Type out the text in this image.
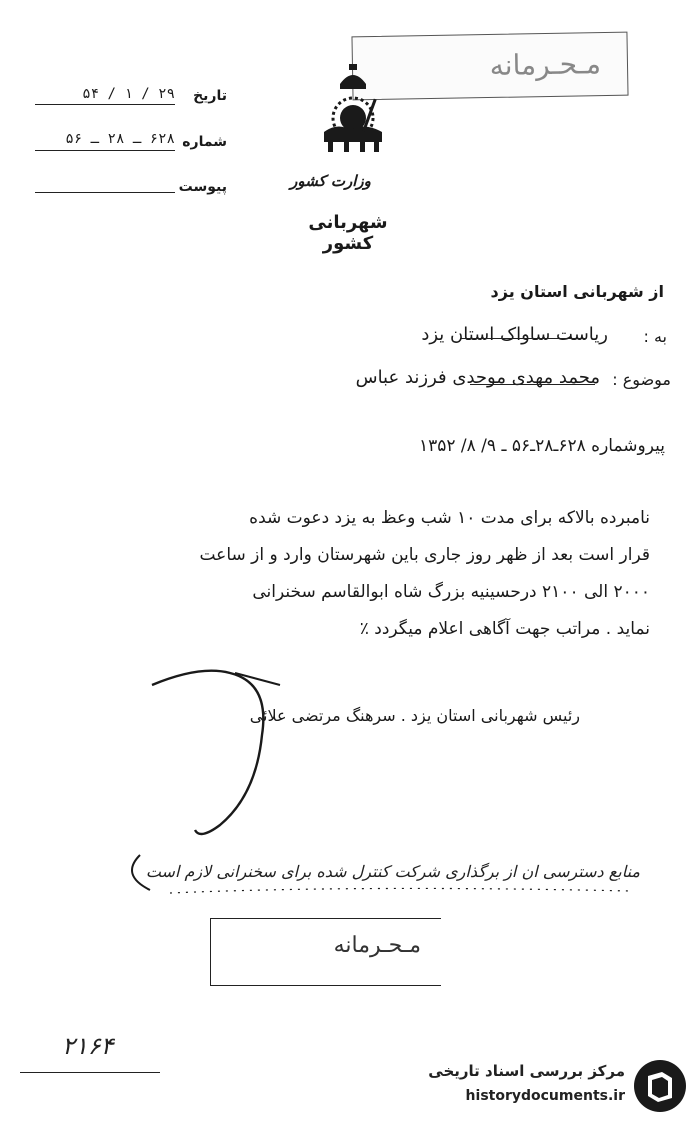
مـحـرمانه
تاریخ
۲۹ / ۱ / ۵۴
شماره
۶۲۸ ـ ۲۸ ـ ۵۶
پیوست	وزارت کشور
شهربانی کشور
از شهربانی استان یزد
به :
ریاست ساواک استان یزد
موضوع :
محمد مهدی موحدی فرزند عباس
پیروشماره ۶۲۸ـ۲۸ـ۵۶ ـ ۹/ ۸/ ۱۳۵۲
نامبرده بالاکه برای مدت ۱۰ شب وعظ به یزد دعوت شده
قرار است بعد از ظهر روز جاری باین شهرستان وارد و از ساعت
۲۰۰۰ الی ۲۱۰۰ درحسینیه بزرگ شاه ابوالقاسم سخنرانی
نماید . مراتب جهت آگاهی اعلام میگردد ٪
رئیس شهربانی استان یزد . سرهنگ مرتضی علائی
منابع دسترسی ان از برگذاری شرکت کنترل شده برای سخنرانی لازم است
مـحـرمانه
۲۱۶۴
مرکز بررسی اسناد تاریخی
historydocuments.ir
